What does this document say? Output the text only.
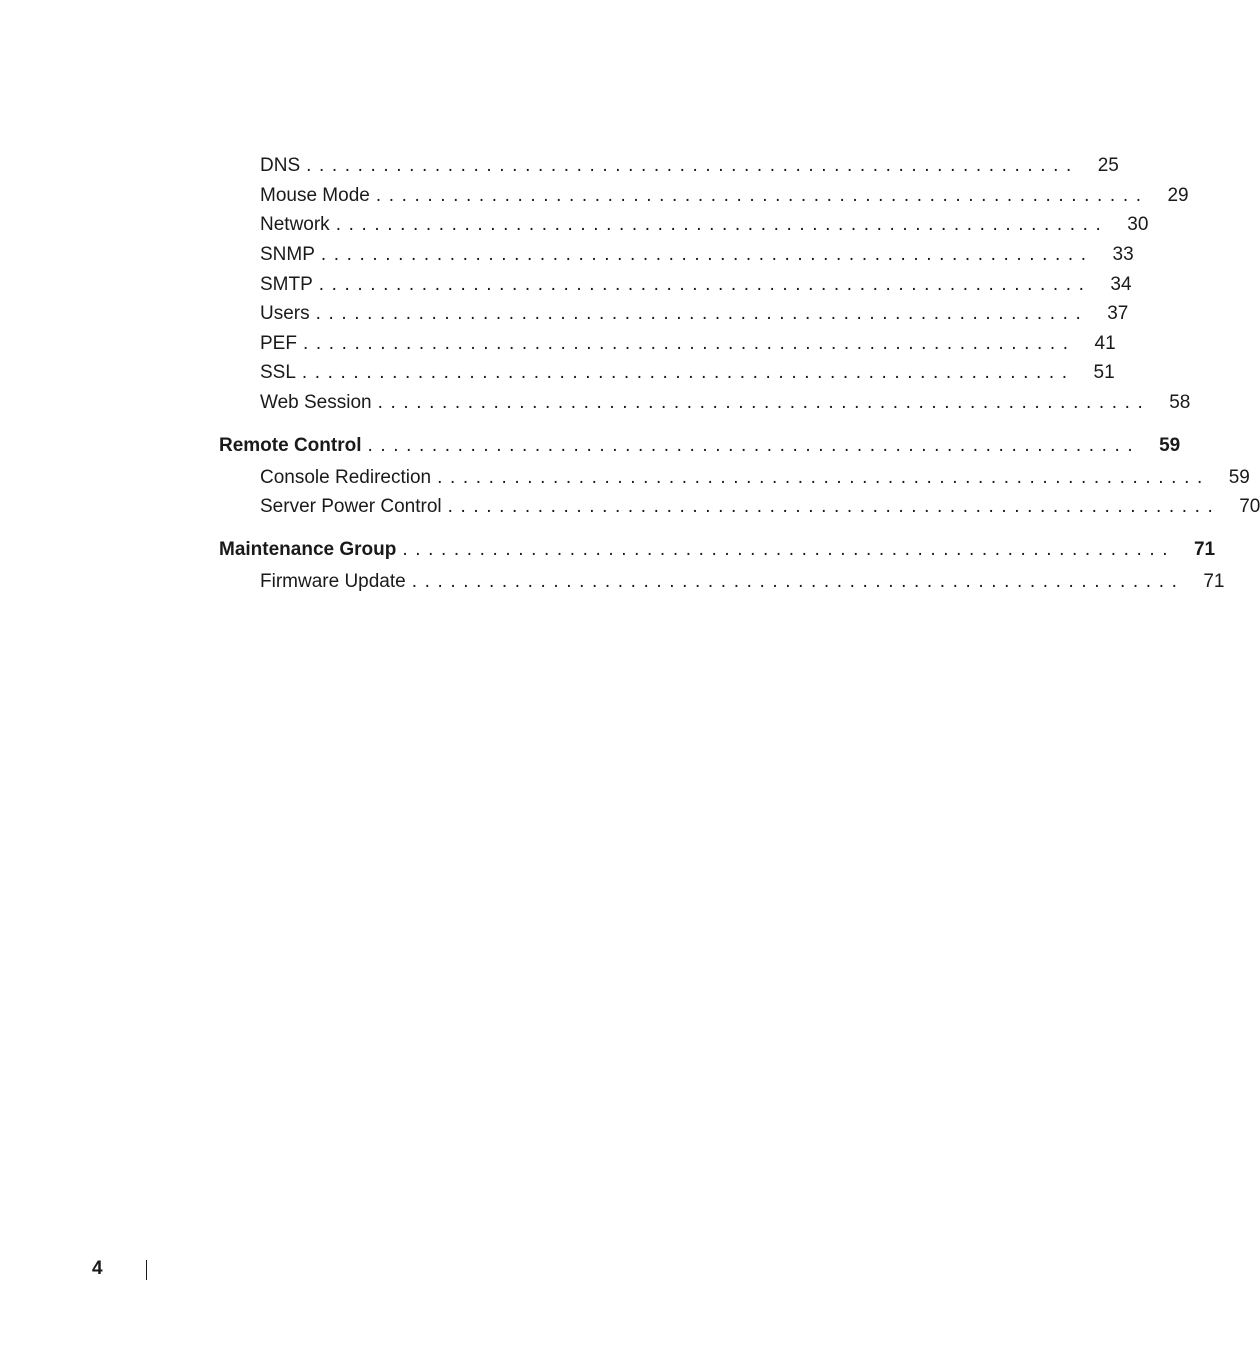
DNS ............................................................ 25
Mouse Mode ............................................................ 29
Network ............................................................ 30
SNMP ............................................................ 33
SMTP ............................................................ 34
Users ............................................................ 37
PEF ............................................................ 41
SSL ............................................................ 51
Web Session ............................................................ 58
Remote Control ............................................................ 59
Console Redirection ............................................................ 59
Server Power Control ............................................................ 70
Maintenance Group ............................................................ 71
Firmware Update ............................................................ 71
4
